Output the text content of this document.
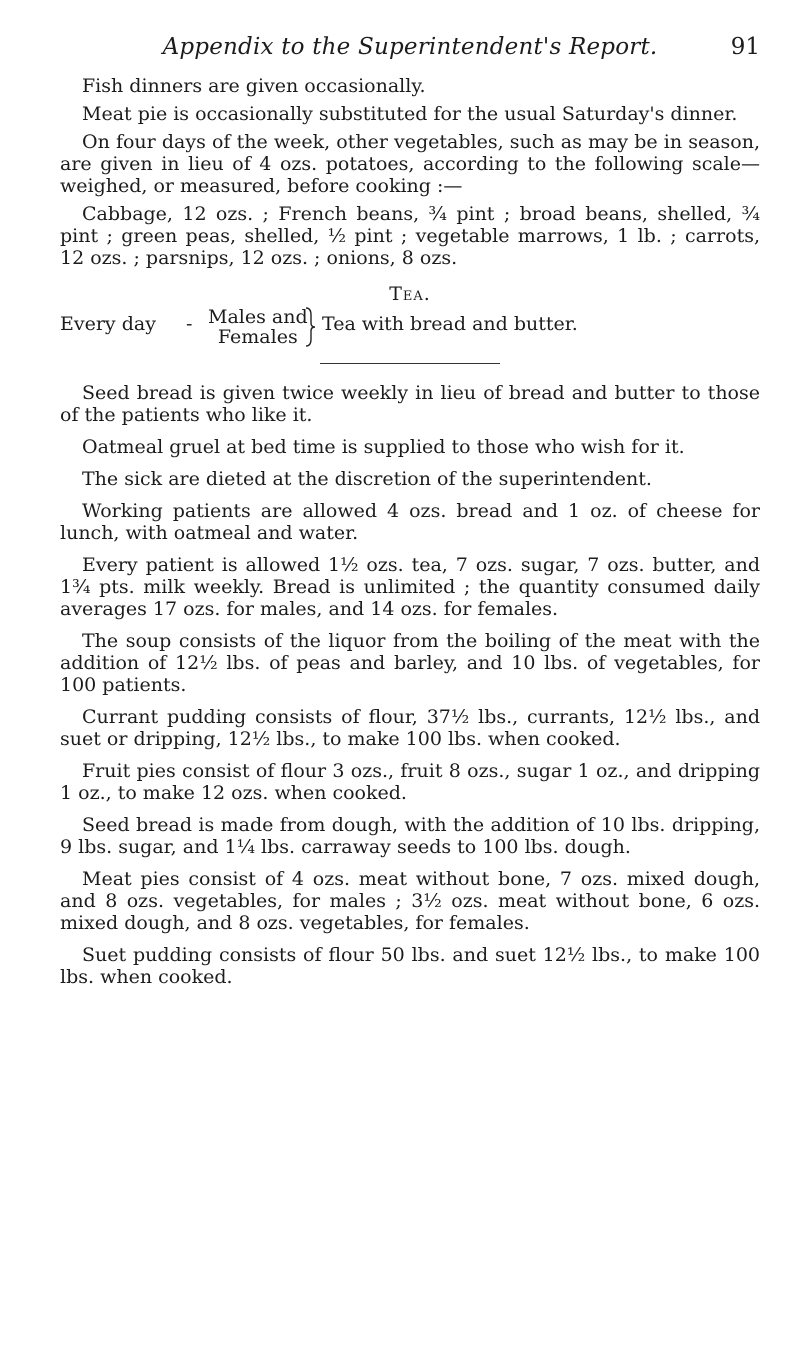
Appendix to the Superintendent's Report.	91

Fish dinners are given occasionally.

Meat pie is occasionally substituted for the usual Saturday's dinner.

On four days of the week, other vegetables, such as may be in season, are given in lieu of 4 ozs. potatoes, according to the following scale—weighed, or measured, before cooking :—

Cabbage, 12 ozs. ; French beans, ¾ pint ; broad beans, shelled, ¾ pint ; green peas, shelled, ½ pint ; vegetable marrows, 1 lb. ; carrots, 12 ozs. ; parsnips, 12 ozs. ; onions, 8 ozs.

Tea.
Every day - Males and
Females
Tea with bread and butter.

Seed bread is given twice weekly in lieu of bread and butter to those of the patients who like it.

Oatmeal gruel at bed time is supplied to those who wish for it.

The sick are dieted at the discretion of the superintendent.

Working patients are allowed 4 ozs. bread and 1 oz. of cheese for lunch, with oatmeal and water.

Every patient is allowed 1½ ozs. tea, 7 ozs. sugar, 7 ozs. butter, and 1¾ pts. milk weekly. Bread is unlimited ; the quantity consumed daily averages 17 ozs. for males, and 14 ozs. for females.

The soup consists of the liquor from the boiling of the meat with the addition of 12½ lbs. of peas and barley, and 10 lbs. of vegetables, for 100 patients.

Currant pudding consists of flour, 37½ lbs., currants, 12½ lbs., and suet or dripping, 12½ lbs., to make 100 lbs. when cooked.

Fruit pies consist of flour 3 ozs., fruit 8 ozs., sugar 1 oz., and dripping 1 oz., to make 12 ozs. when cooked.

Seed bread is made from dough, with the addition of 10 lbs. dripping, 9 lbs. sugar, and 1¼ lbs. carraway seeds to 100 lbs. dough.

Meat pies consist of 4 ozs. meat without bone, 7 ozs. mixed dough, and 8 ozs. vegetables, for males ; 3½ ozs. meat without bone, 6 ozs. mixed dough, and 8 ozs. vegetables, for females.

Suet pudding consists of flour 50 lbs. and suet 12½ lbs., to make 100 lbs. when cooked.
